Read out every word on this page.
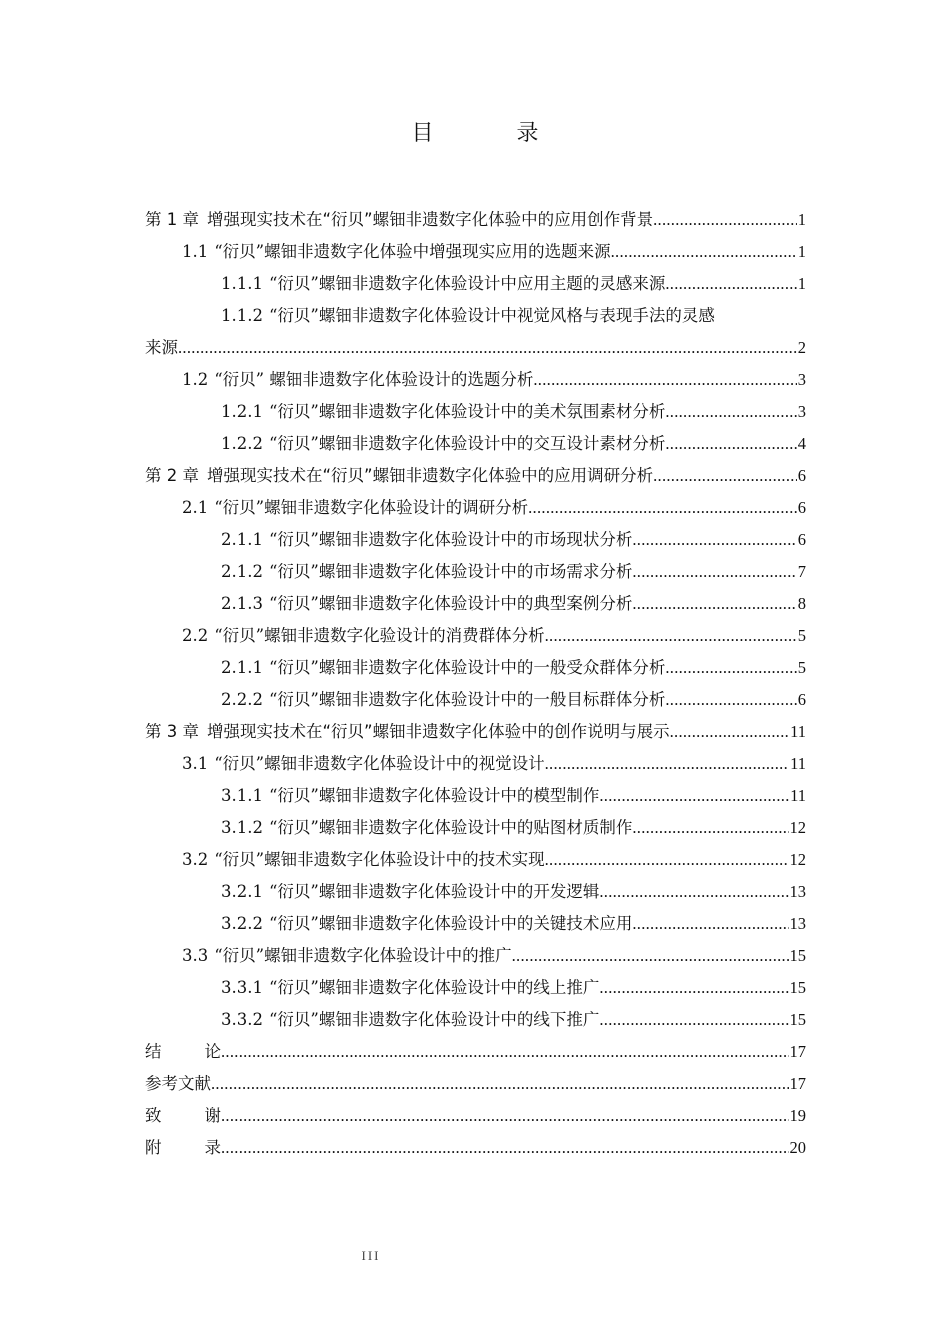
目 录
第 1 章 增强现实技术在“衍贝”螺钿非遗数字化体验中的应用创作背景 .....	1
1.1 “衍贝”螺钿非遗数字化体验中增强现实应用的选题来源 .....	1
1.1.1 “衍贝”螺钿非遗数字化体验设计中应用主题的灵感来源 .....	1
1.1.2 “衍贝”螺钿非遗数字化体验设计中视觉风格与表现手法的灵感
来源 .....	2
1.2 “衍贝” 螺钿非遗数字化体验设计的选题分析 .....	3
1.2.1 “衍贝”螺钿非遗数字化体验设计中的美术氛围素材分析 .....	3
1.2.2 “衍贝”螺钿非遗数字化体验设计中的交互设计素材分析 .....	4
第 2 章 增强现实技术在“衍贝”螺钿非遗数字化体验中的应用调研分析 .....	6
2.1 “衍贝”螺钿非遗数字化体验设计的调研分析 .....	6
2.1.1 “衍贝”螺钿非遗数字化体验设计中的市场现状分析 .....	6
2.1.2 “衍贝”螺钿非遗数字化体验设计中的市场需求分析 .....	7
2.1.3 “衍贝”螺钿非遗数字化体验设计中的典型案例分析 .....	8
2.2 “衍贝”螺钿非遗数字化验设计的消费群体分析 .....	5
2.1.1 “衍贝”螺钿非遗数字化体验设计中的一般受众群体分析 .....	5
2.2.2 “衍贝”螺钿非遗数字化体验设计中的一般目标群体分析 .....	6
第 3 章 增强现实技术在“衍贝”螺钿非遗数字化体验中的创作说明与展示 .....	11
3.1 “衍贝”螺钿非遗数字化体验设计中的视觉设计 .....	11
3.1.1 “衍贝”螺钿非遗数字化体验设计中的模型制作 .....	11
3.1.2 “衍贝”螺钿非遗数字化体验设计中的贴图材质制作 .....	12
3.2 “衍贝”螺钿非遗数字化体验设计中的技术实现 .....	12
3.2.1 “衍贝”螺钿非遗数字化体验设计中的开发逻辑 .....	13
3.2.2 “衍贝”螺钿非遗数字化体验设计中的关键技术应用 .....	13
3.3 “衍贝”螺钿非遗数字化体验设计中的推广 .....	15
3.3.1 “衍贝”螺钿非遗数字化体验设计中的线上推广 .....	15
3.3.2 “衍贝”螺钿非遗数字化体验设计中的线下推广 .....	15
结	论 .....	17
参考文献 .....	17
致	谢 .....	19
附	录 .....	20
III
